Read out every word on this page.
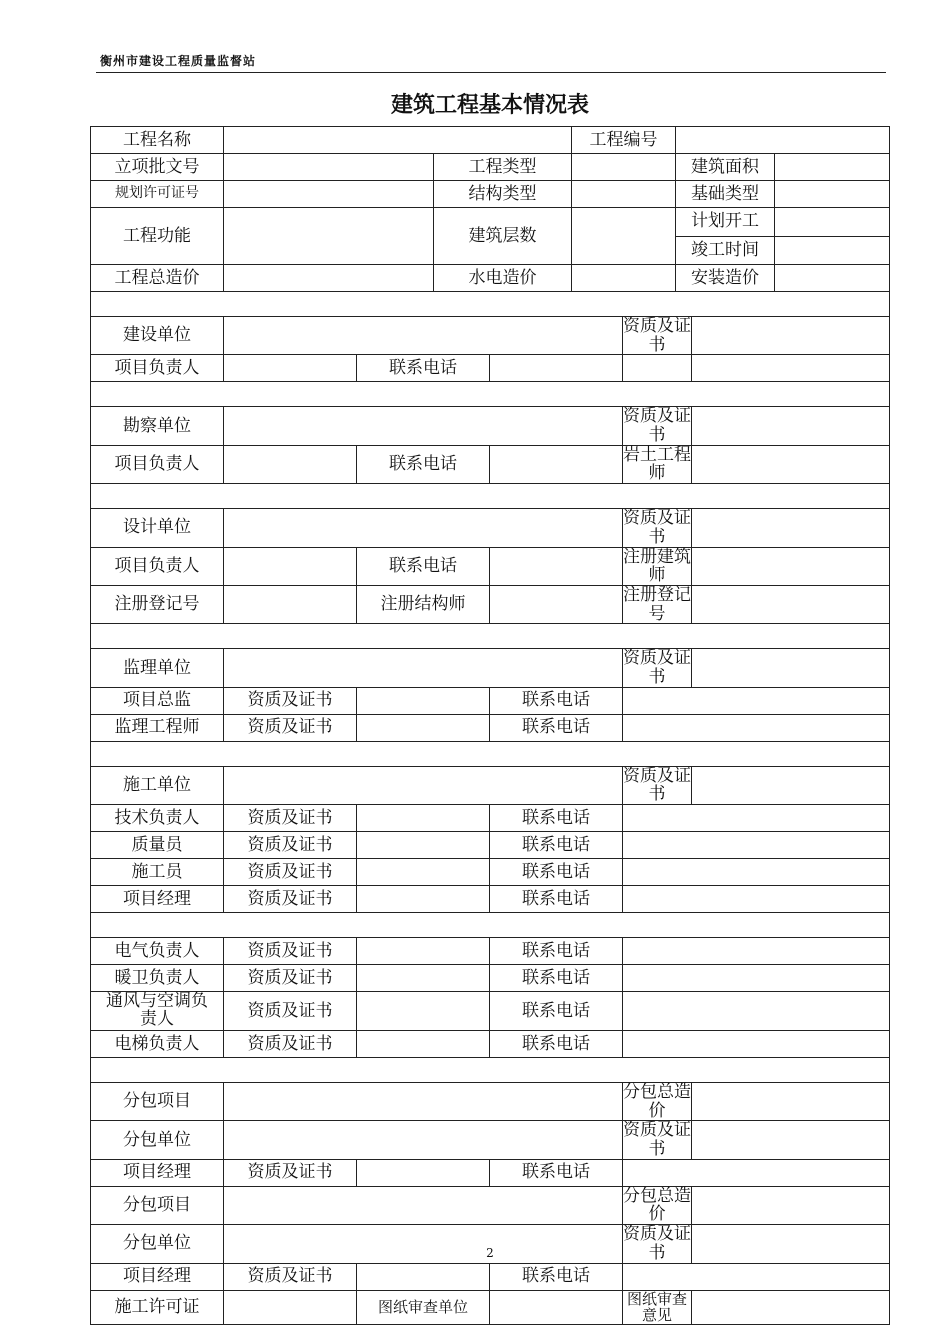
衡州市建设工程质量监督站
建筑工程基本情况表
工程名称					工程编号			
立项批文号			工程类型				建筑面积	

规划许可证号			结构类型				基础类型	

工程功能			建筑层数				计划开工
竣工时间	

工程总造价			水电造价				安装造价	

建设单位						资质及证书		
项目负责人		联系电话						

勘察单位						资质及证书		
项目负责人		联系电话				岩土工程师		

设计单位						资质及证书		
项目负责人		联系电话				注册建筑师		
注册登记号		注册结构师				注册登记号		

监理单位						资质及证书		
项目总监	资质及证书			联系电话				
监理工程师	资质及证书			联系电话				

施工单位						资质及证书		
技术负责人	资质及证书			联系电话				
质量员	资质及证书			联系电话				
施工员	资质及证书			联系电话				
项目经理	资质及证书			联系电话				

电气负责人	资质及证书			联系电话				
暖卫负责人	资质及证书			联系电话				
通风与空调负责人	资质及证书			联系电话				
电梯负责人	资质及证书			联系电话				

分包项目						分包总造价		
分包单位						资质及证书		
项目经理	资质及证书			联系电话				
分包项目						分包总造价		
分包单位						资质及证书		
项目经理	资质及证书			联系电话				
施工许可证		图纸审查单位				图纸审查意见		
2
